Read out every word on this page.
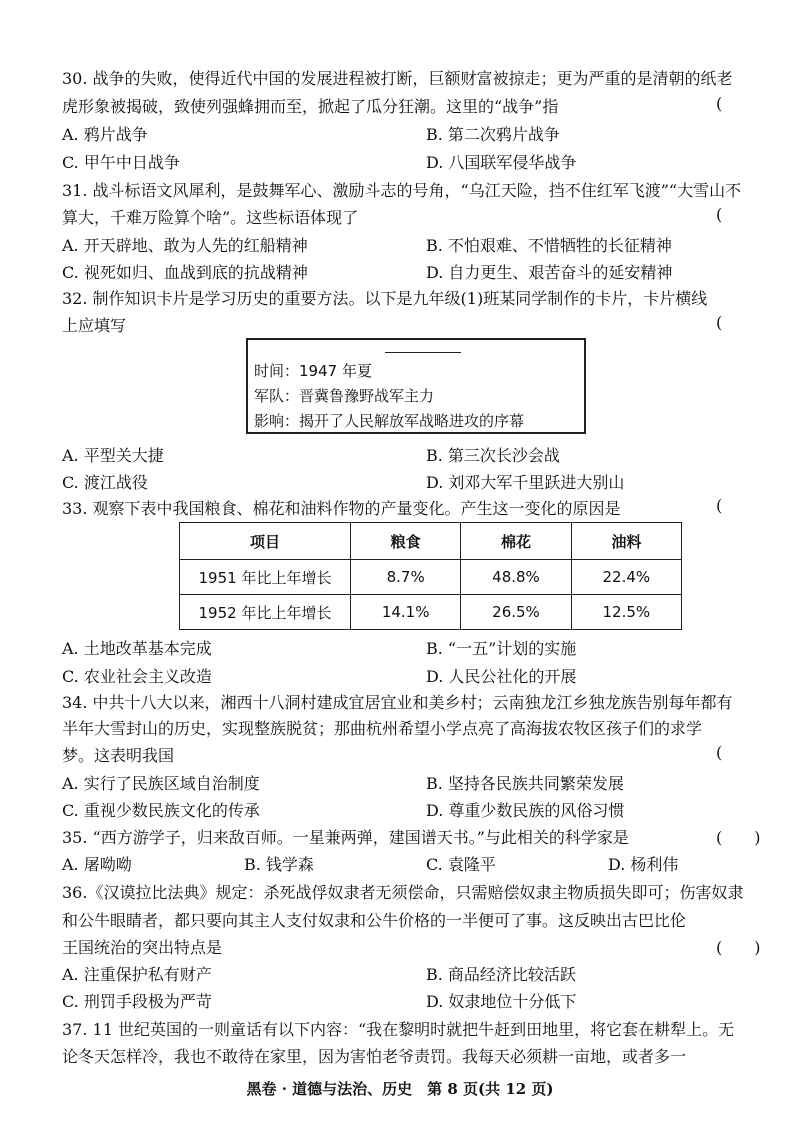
30. 战争的失败，使得近代中国的发展进程被打断，巨额财富被掠走；更为严重的是清朝的纸老
虎形象被揭破，致使列强蜂拥而至，掀起了瓜分狂潮。这里的“战争”指	(
A. 鸦片战争	B. 第二次鸦片战争
C. 甲午中日战争	D. 八国联军侵华战争
31. 战斗标语文风犀利，是鼓舞军心、激励斗志的号角，“乌江天险，挡不住红军飞渡”“大雪山不
算大，千难万险算个啥”。这些标语体现了	(
A. 开天辟地、敢为人先的红船精神	B. 不怕艰难、不惜牺牲的长征精神
C. 视死如归、血战到底的抗战精神	D. 自力更生、艰苦奋斗的延安精神
32. 制作知识卡片是学习历史的重要方法。以下是九年级(1)班某同学制作的卡片，卡片横线
上应填写	(
时间：1947 年夏
军队：晋冀鲁豫野战军主力
影响：揭开了人民解放军战略进攻的序幕
A. 平型关大捷	B. 第三次长沙会战
C. 渡江战役	D. 刘邓大军千里跃进大别山
33. 观察下表中我国粮食、棉花和油料作物的产量变化。产生这一变化的原因是	(
项目	粮食	棉花	油料
1951 年比上年增长	8.7%	48.8%	22.4%
1952 年比上年增长	14.1%	26.5%	12.5%
A. 土地改革基本完成	B. “一五”计划的实施
C. 农业社会主义改造	D. 人民公社化的开展
34. 中共十八大以来，湘西十八洞村建成宜居宜业和美乡村；云南独龙江乡独龙族告别每年都有
半年大雪封山的历史，实现整族脱贫；那曲杭州希望小学点亮了高海拔农牧区孩子们的求学
梦。这表明我国	(
A. 实行了民族区域自治制度	B. 坚持各民族共同繁荣发展
C. 重视少数民族文化的传承	D. 尊重少数民族的风俗习惯
35. “西方游学子，归来敌百师。一星兼两弹，建国谱天书。”与此相关的科学家是	(　　)
A. 屠呦呦	B. 钱学森	C. 袁隆平	D. 杨利伟
36.《汉谟拉比法典》规定：杀死战俘奴隶者无须偿命，只需赔偿奴隶主物质损失即可；伤害奴隶
和公牛眼睛者，都只要向其主人支付奴隶和公牛价格的一半便可了事。这反映出古巴比伦
王国统治的突出特点是	(　　)
A. 注重保护私有财产	B. 商品经济比较活跃
C. 刑罚手段极为严苛	D. 奴隶地位十分低下
37. 11 世纪英国的一则童话有以下内容：“我在黎明时就把牛赶到田地里，将它套在耕犁上。无
论冬天怎样冷，我也不敢待在家里，因为害怕老爷责罚。我每天必须耕一亩地，或者多一
黑卷 · 道德与法治、历史　第 8 页(共 12 页)
